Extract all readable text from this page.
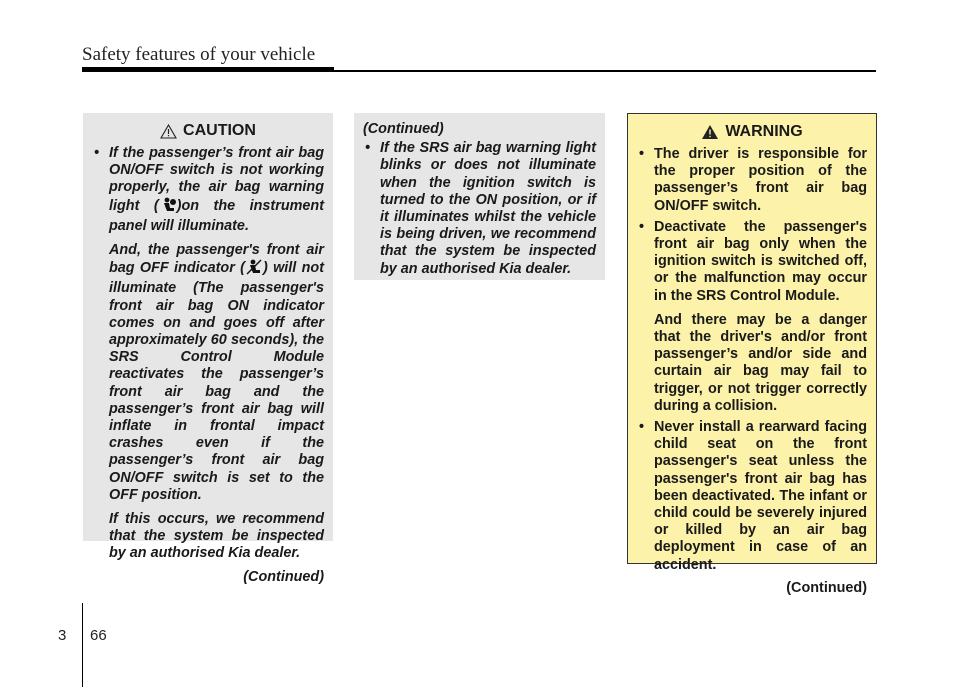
Safety features of your vehicle
CAUTION
• If the passenger’s front air bag ON/OFF switch is not working properly, the air bag warning light ( )on the instrument panel will illuminate.

And, the passenger's front air bag OFF indicator ( ) will not illuminate (The passenger's front air bag ON indicator comes on and goes off after approximately 60 seconds), the SRS Control Module reactivates the passenger’s front air bag and the passenger’s front air bag will inflate in frontal impact crashes even if the passenger’s front air bag ON/OFF switch is set to the OFF position.

If this occurs, we recommend that the system be inspected by an authorised Kia dealer.

(Continued)
(Continued)
• If the SRS air bag warning light blinks or does not illuminate when the ignition switch is turned to the ON position, or if it illuminates whilst the vehicle is being driven, we recommend that the system be inspected by an authorised Kia dealer.
WARNING
• The driver is responsible for the proper position of the passenger’s front air bag ON/OFF switch.
• Deactivate the passenger's front air bag only when the ignition switch is switched off, or the malfunction may occur in the SRS Control Module.

And there may be a danger that the driver's and/or front passenger’s and/or side and curtain air bag may fail to trigger, or not trigger correctly during a collision.

• Never install a rearward facing child seat on the front passenger's seat unless the passenger's front air bag has been deactivated. The infant or child could be severely injured or killed by an air bag deployment in case of an accident.
(Continued)
3 66
